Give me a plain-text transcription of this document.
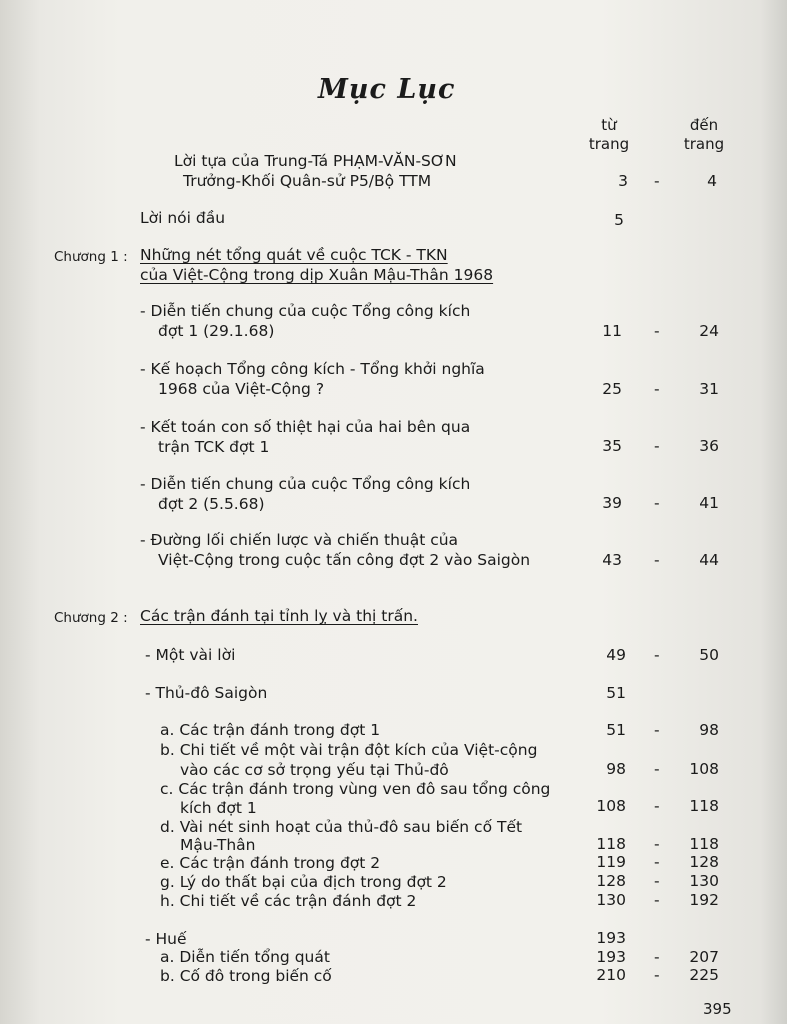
Mục Lục
từ trang
đến trang
Lời tựa của Trung-Tá PHẠM-VĂN-SƠN
Trưởng-Khối Quân-sử P5/Bộ TTM	3 -	4
Lời nói đầu	5
Chương 1 : Những nét tổng quát về cuộc TCK - TKN
của Việt-Cộng trong dịp Xuân Mậu-Thân 1968
- Diễn tiến chung của cuộc Tổng công kích
đợt 1 (29.1.68)	11 -	24
- Kế hoạch Tổng công kích - Tổng khởi nghĩa
1968 của Việt-Cộng ?	25 -	31
- Kết toán con số thiệt hại của hai bên qua
trận TCK đợt 1	35 -	36
- Diễn tiến chung của cuộc Tổng công kích
đợt 2 (5.5.68)	39 -	41
- Đường lối chiến lược và chiến thuật của
Việt-Cộng trong cuộc tấn công đợt 2 vào Saigòn	43 -	44
Chương 2 : Các trận đánh tại tỉnh lỵ và thị trấn.
- Một vài lời	49 -	50
- Thủ-đô Saigòn	51
a. Các trận đánh trong đợt 1	51 -	98
b. Chi tiết về một vài trận đột kích của Việt-cộng
vào các cơ sở trọng yếu tại Thủ-đô	98 -	108
c. Các trận đánh trong vùng ven đô sau tổng công
kích đợt 1	108 -	118
d. Vài nét sinh hoạt của thủ-đô sau biến cố Tết
Mậu-Thân	118 -	118
e. Các trận đánh trong đợt 2	119 -	128
g. Lý do thất bại của địch trong đợt 2	128 -	130
h. Chi tiết về các trận đánh đợt 2	130 -	192
- Huế	193
a. Diễn tiến tổng quát	193 -	207
b. Cố đô trong biến cố	210 -	225
395
